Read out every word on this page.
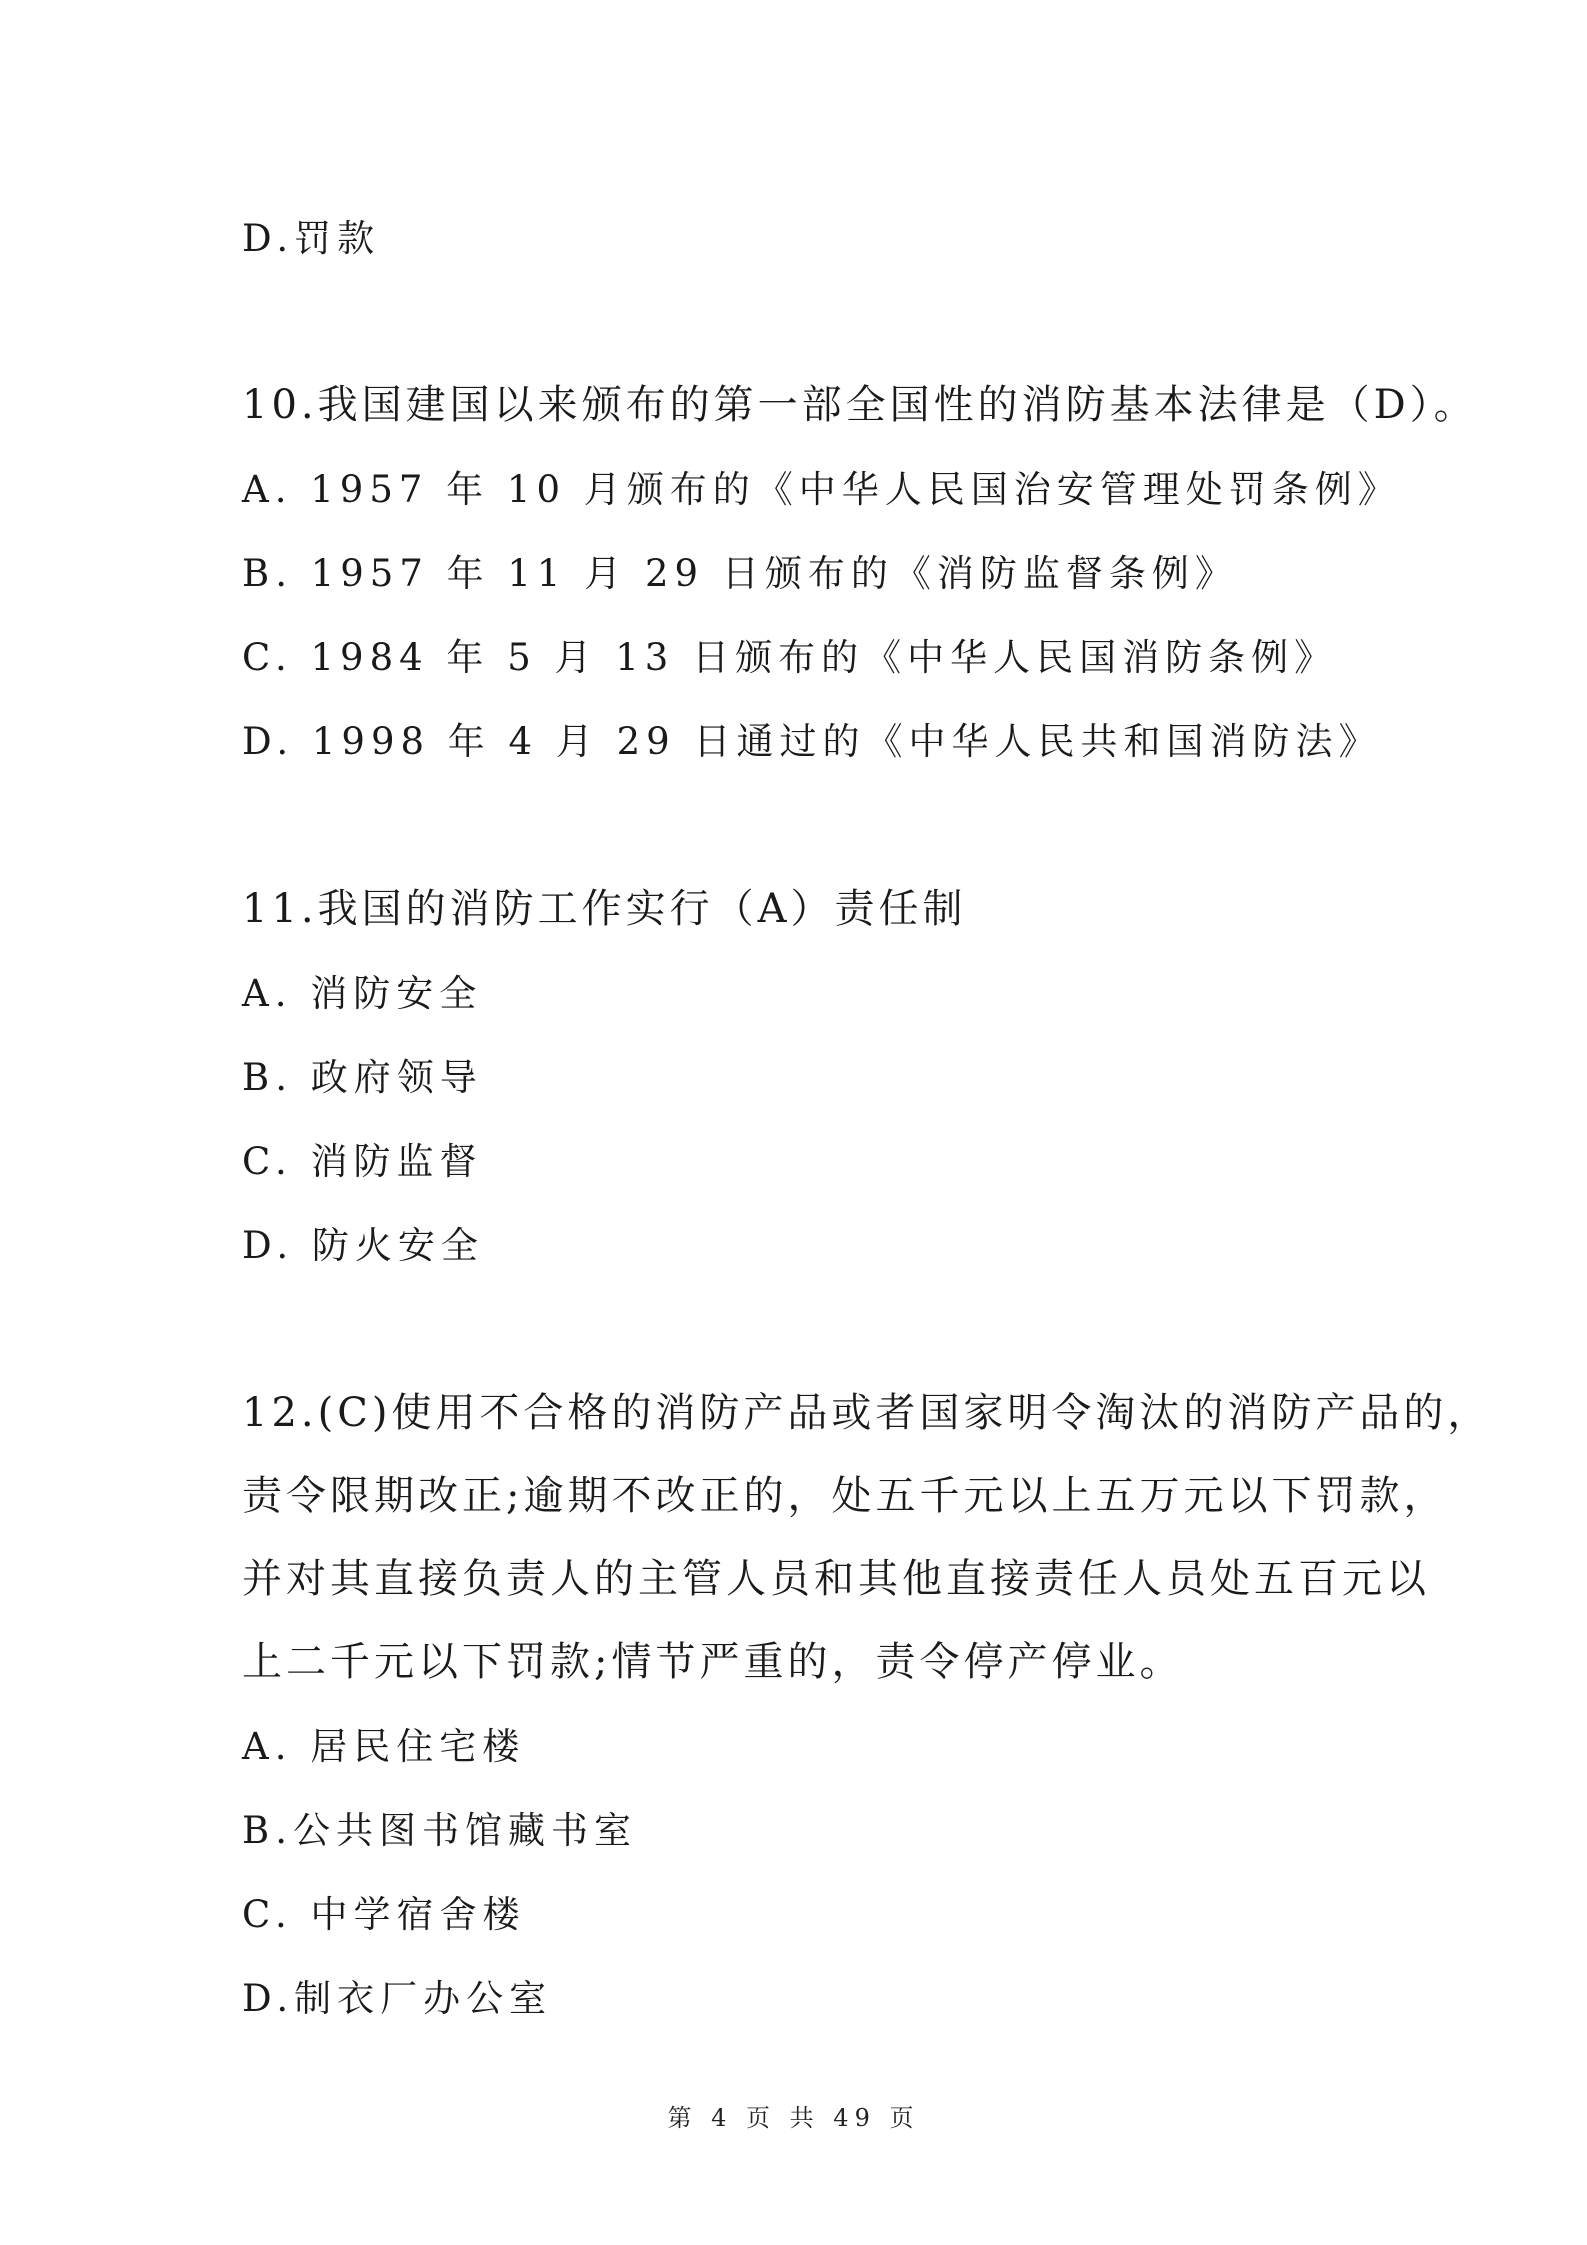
D.罚款
10.我国建国以来颁布的第一部全国性的消防基本法律是（D）。
A. 1957 年 10 月颁布的《中华人民国治安管理处罚条例》
B. 1957 年 11 月 29 日颁布的《消防监督条例》
C. 1984 年 5 月 13 日颁布的《中华人民国消防条例》
D. 1998 年 4 月 29 日通过的《中华人民共和国消防法》
11.我国的消防工作实行（A）责任制
A. 消防安全
B. 政府领导
C. 消防监督
D. 防火安全
12.(C)使用不合格的消防产品或者国家明令淘汰的消防产品的，
责令限期改正;逾期不改正的，处五千元以上五万元以下罚款，
并对其直接负责人的主管人员和其他直接责任人员处五百元以
上二千元以下罚款;情节严重的，责令停产停业。
A. 居民住宅楼
B.公共图书馆藏书室
C. 中学宿舍楼
D.制衣厂办公室
第 4 页 共 49 页
